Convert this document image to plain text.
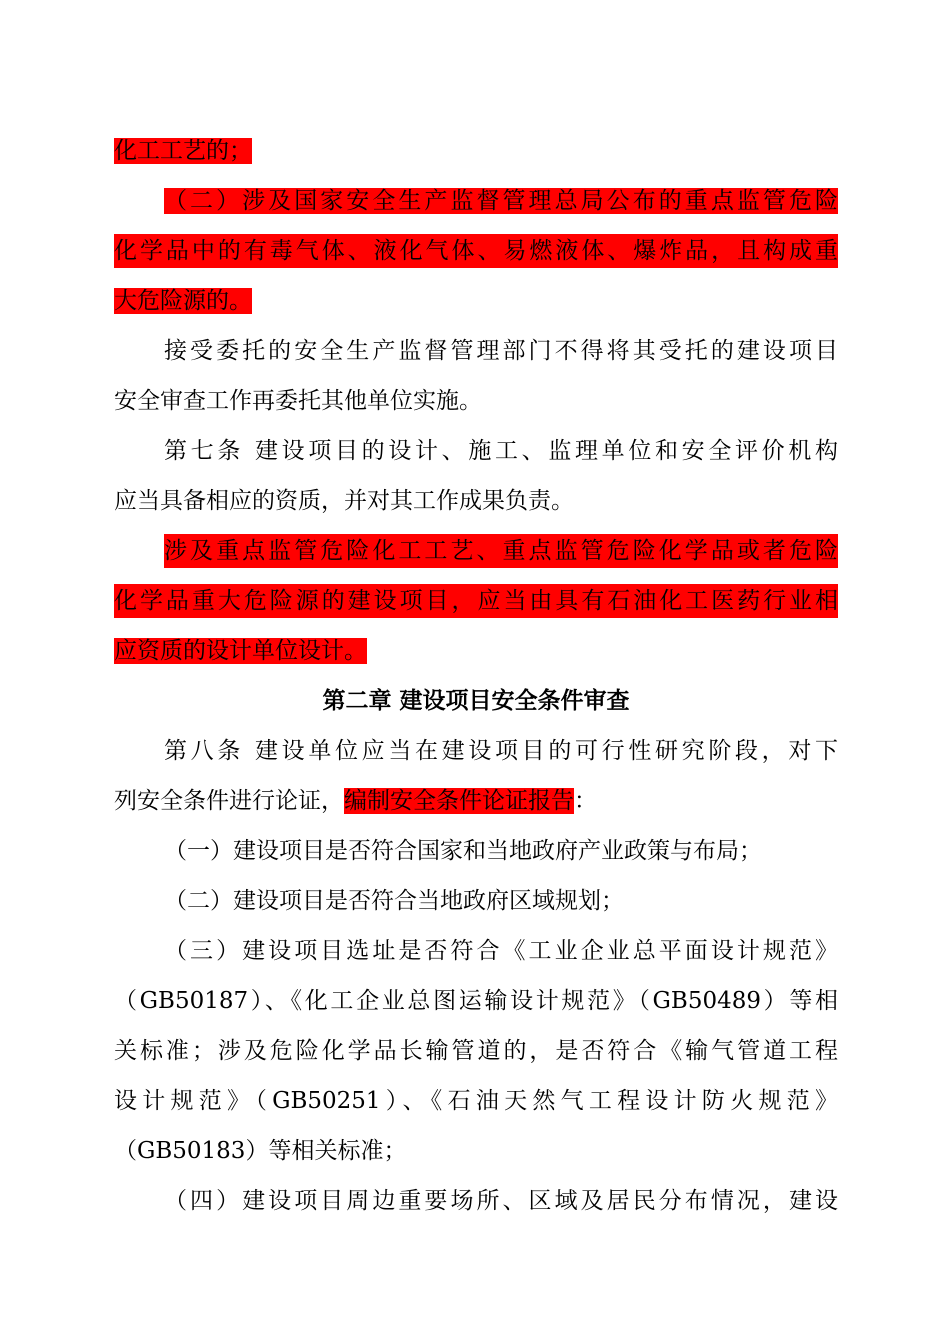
化工工艺的；
（二）涉及国家安全生产监督管理总局公布的重点监管危险
化学品中的有毒气体、液化气体、易燃液体、爆炸品，且构成重
大危险源的。
接受委托的安全生产监督管理部门不得将其受托的建设项目
安全审查工作再委托其他单位实施。
第七条 建设项目的设计、施工、监理单位和安全评价机构
应当具备相应的资质，并对其工作成果负责。
涉及重点监管危险化工工艺、重点监管危险化学品或者危险
化学品重大危险源的建设项目，应当由具有石油化工医药行业相
应资质的设计单位设计。
第二章 建设项目安全条件审查
第八条 建设单位应当在建设项目的可行性研究阶段，对下
列安全条件进行论证，编制安全条件论证报告：
（一）建设项目是否符合国家和当地政府产业政策与布局；
（二）建设项目是否符合当地政府区域规划；
（三）建设项目选址是否符合《工业企业总平面设计规范》
（GB50187）、《化工企业总图运输设计规范》（GB50489）等相
关标准；涉及危险化学品长输管道的，是否符合《输气管道工程
设计规范》（GB50251）、《石油天然气工程设计防火规范》
（GB50183）等相关标准；
（四）建设项目周边重要场所、区域及居民分布情况，建设
